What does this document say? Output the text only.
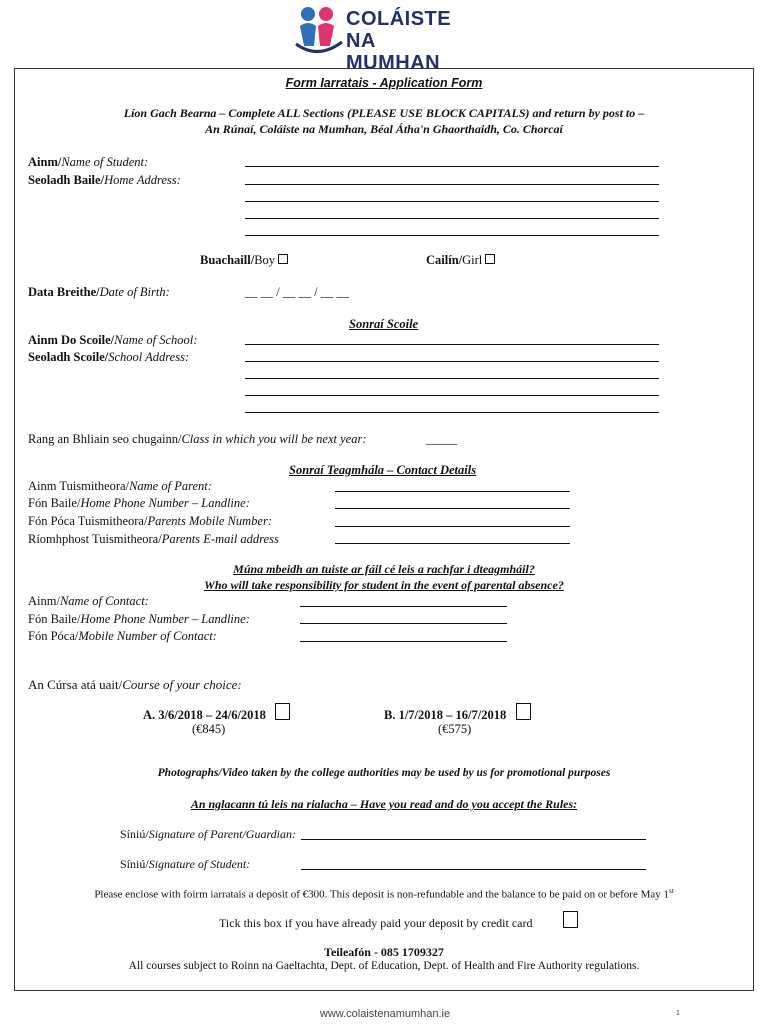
COLÁISTE
NA MUMHAN
Form Iarratais - Application Form
Líon Gach Bearna – Complete ALL Sections (PLEASE USE BLOCK CAPITALS) and return by post to –
An Rúnaí, Coláiste na Mumhan, Béal Átha'n Ghaorthaidh, Co. Chorcaí
Ainm/Name of Student:
Seoladh Baile/Home Address:
Buachaill/Boy	Cailín/Girl
Data Breithe/Date of Birth:	__ __ / __ __ / __ __
Sonraí Scoile
Ainm Do Scoile/Name of School:
Seoladh Scoile/School Address:
Rang an Bhliain seo chugainn/Class in which you will be next year:	_____
Sonraí Teagmhála – Contact Details
Ainm Tuismitheora/Name of Parent:
Fón Baile/Home Phone Number – Landline:
Fón Póca Tuismitheora/Parents Mobile Number:
Ríomhphost Tuismitheora/Parents E-mail address
Múna mbeidh an tuiste ar fáil cé leis a rachfar i dteagmháil?
Who will take responsibility for student in the event of parental absence?
Ainm/Name of Contact:
Fón Baile/Home Phone Number – Landline:
Fón Póca/Mobile Number of Contact:
An Cúrsa atá uait/Course of your choice:
A. 3/6/2018 – 24/6/2018
(€845)
B. 1/7/2018 – 16/7/2018
(€575)
Photographs/Video taken by the college authorities may be used by us for promotional purposes
An nglacann tú leis na rialacha – Have you read and do you accept the Rules:
Síniú/Signature of Parent/Guardian:
Síniú/Signature of Student:
Please enclose with foirm iarratais a deposit of €300. This deposit is non-refundable and the balance to be paid on or before May 1st
Tick this box if you have already paid your deposit by credit card
Teileafón - 085 1709327
All courses subject to Roinn na Gaeltachta, Dept. of Education, Dept. of Health and Fire Authority regulations.
www.colaistenamumhan.ie	1
